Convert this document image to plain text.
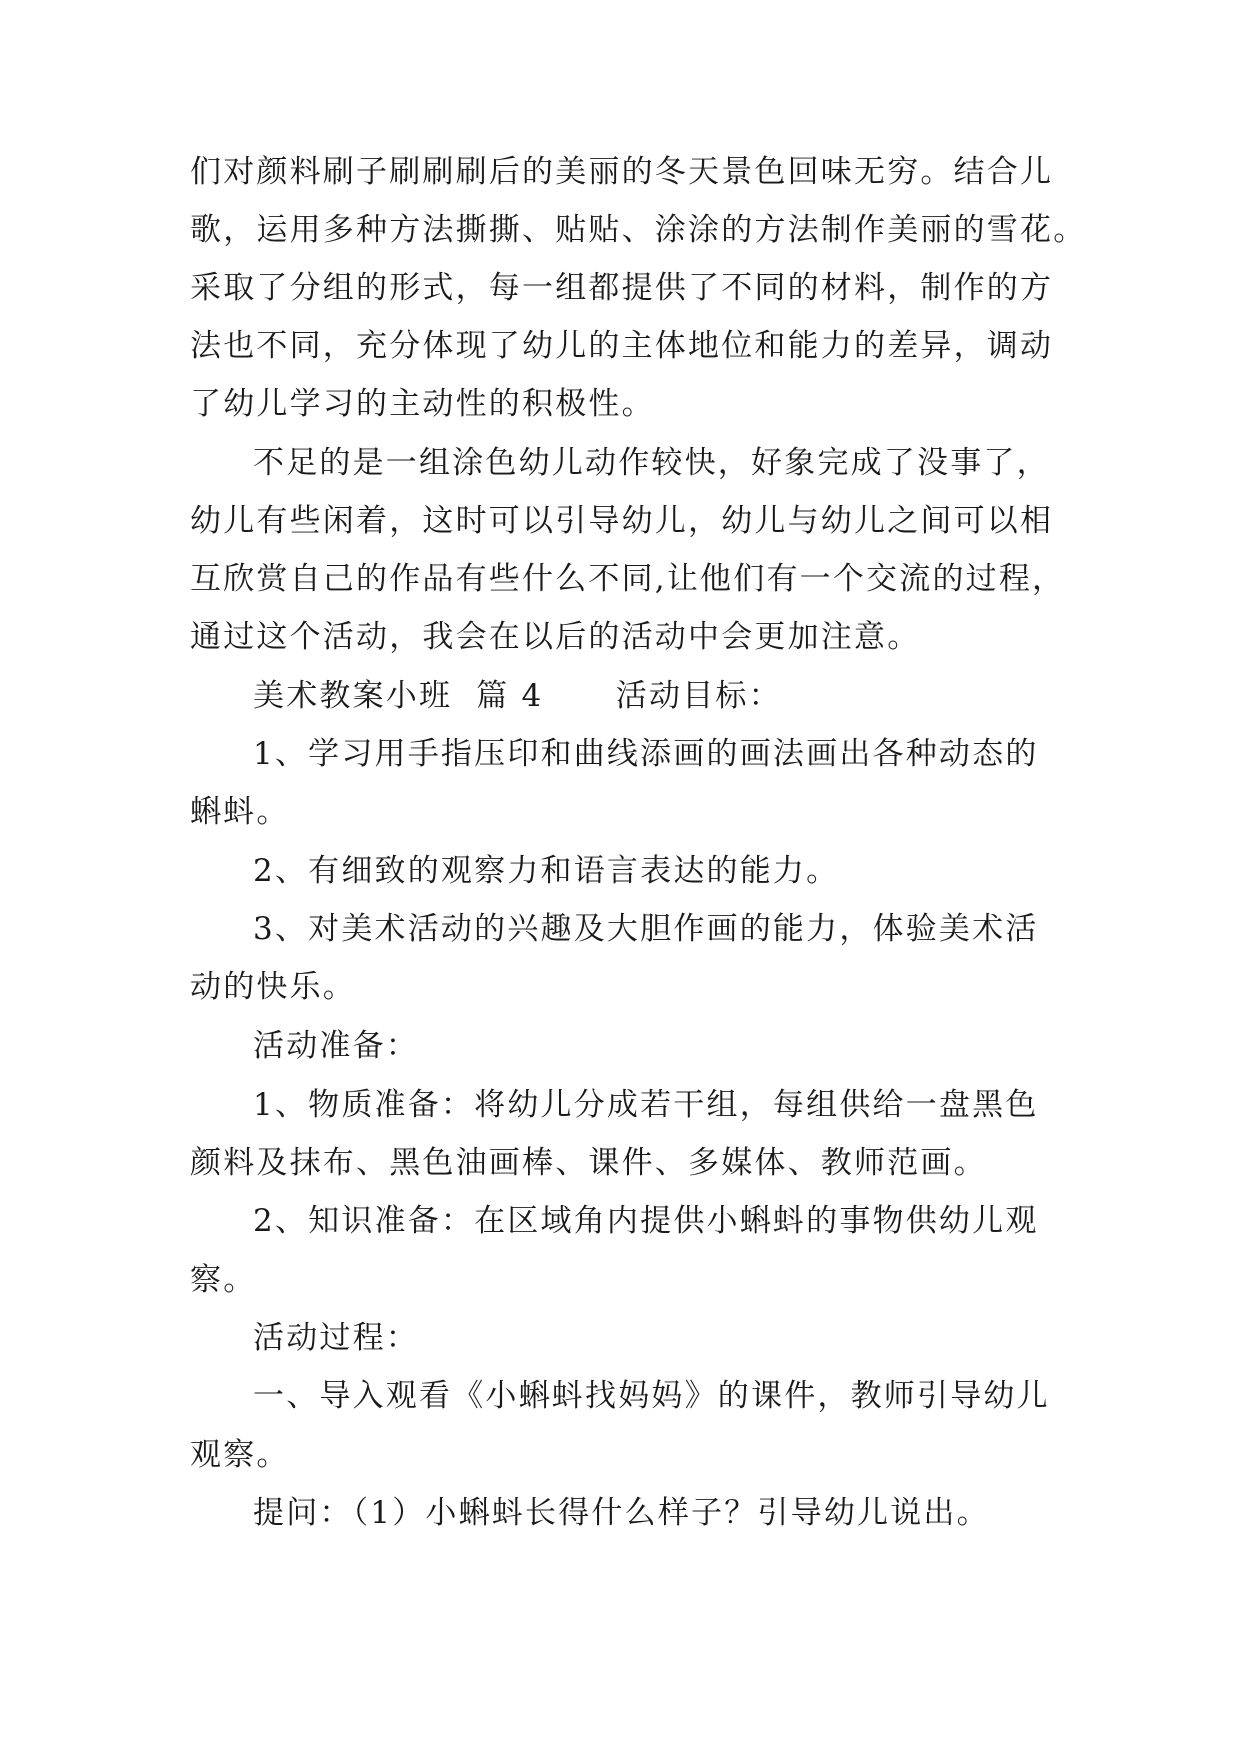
们对颜料刷子刷刷刷后的美丽的冬天景色回味无穷。结合儿
歌，运用多种方法撕撕、贴贴、涂涂的方法制作美丽的雪花。
采取了分组的形式，每一组都提供了不同的材料，制作的方
法也不同，充分体现了幼儿的主体地位和能力的差异，调动
了幼儿学习的主动性的积极性。
不足的是一组涂色幼儿动作较快，好象完成了没事了，
幼儿有些闲着，这时可以引导幼儿，幼儿与幼儿之间可以相
互欣赏自己的作品有些什么不同,让他们有一个交流的过程，
通过这个活动，我会在以后的活动中会更加注意。
美术教案小班  篇 4      活动目标：
1、学习用手指压印和曲线添画的画法画出各种动态的
蝌蚪。
2、有细致的观察力和语言表达的能力。
3、对美术活动的兴趣及大胆作画的能力，体验美术活
动的快乐。
活动准备：
1、物质准备：将幼儿分成若干组，每组供给一盘黑色
颜料及抹布、黑色油画棒、课件、多媒体、教师范画。
2、知识准备：在区域角内提供小蝌蚪的事物供幼儿观
察。
活动过程：
一、导入观看《小蝌蚪找妈妈》的课件，教师引导幼儿
观察。
提问：（1）小蝌蚪长得什么样子？引导幼儿说出。
